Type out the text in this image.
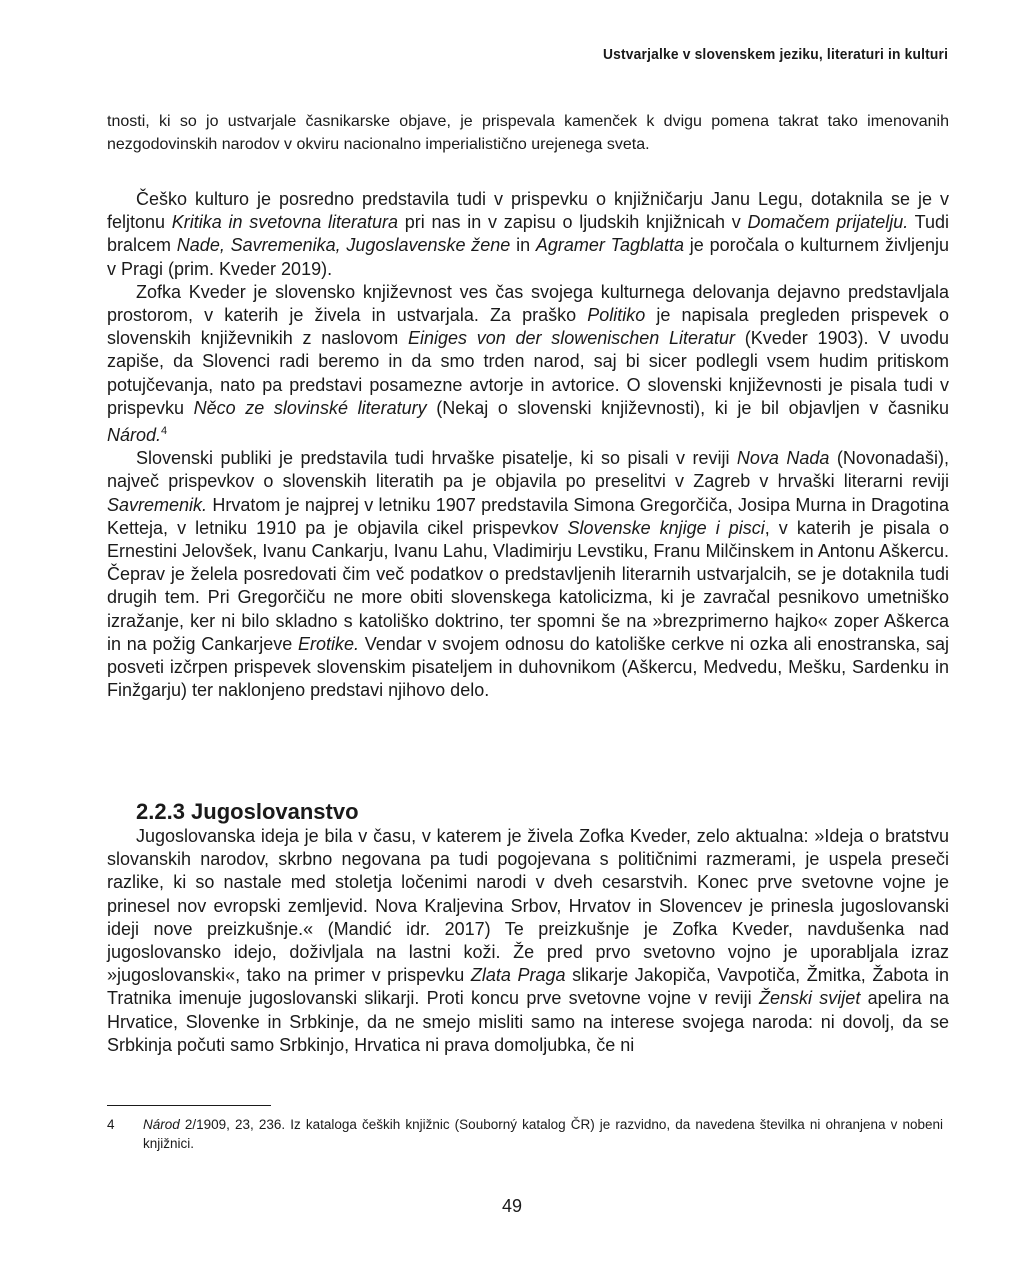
Ustvarjalke v slovenskem jeziku, literaturi in kulturi
tnosti, ki so jo ustvarjale časnikarske objave, je prispevala kamenček k dvigu pomena takrat tako imenovanih nezgodovinskih narodov v okviru nacionalno imperialistično urejenega sveta.

Češko kulturo je posredno predstavila tudi v prispevku o knjižničarju Janu Legu, dotaknila se je v feljtonu Kritika in svetovna literatura pri nas in v zapisu o ljudskih knjižnicah v Domačem prijatelju. Tudi bralcem Nade, Savremenika, Jugoslavenske žene in Agramer Tagblatta je poročala o kulturnem življenju v Pragi (prim. Kveder 2019).

Zofka Kveder je slovensko književnost ves čas svojega kulturnega delovanja dejavno predstavljala prostorom, v katerih je živela in ustvarjala. Za praško Politiko je napisala pregleden prispevek o slovenskih književnikih z naslovom Einiges von der slowenischen Literatur (Kveder 1903). V uvodu zapiše, da Slovenci radi beremo in da smo trden narod, saj bi sicer podlegli vsem hudim pritiskom potujčevanja, nato pa predstavi posamezne avtorje in avtorice. O slovenski književnosti je pisala tudi v prispevku Něco ze slovinské literatury (Nekaj o slovenski književnosti), ki je bil objavljen v časniku Národ.$^4$

Slovenski publiki je predstavila tudi hrvaške pisatelje, ki so pisali v reviji Nova Nada (Novonadaši), največ prispevkov o slovenskih literatih pa je objavila po preselitvi v Zagreb v hrvaški literarni reviji Savremenik. Hrvatom je najprej v letniku 1907 predstavila Simona Gregorčiča, Josipa Murna in Dragotina Ketteja, v letniku 1910 pa je objavila cikel prispevkov Slovenske knjige i pisci, v katerih je pisala o Ernestini Jelovšek, Ivanu Cankarju, Ivanu Lahu, Vladimirju Levstiku, Franu Milčinskem in Antonu Aškercu. Čeprav je želela posredovati čim več podatkov o predstavljenih literarnih ustvarjalcih, se je dotaknila tudi drugih tem. Pri Gregorčiču ne more obiti slovenskega katolicizma, ki je zavračal pesnikovo umetniško izražanje, ker ni bilo skladno s katoliško doktrino, ter spomni še na »brezprimerno hajko« zoper Aškerca in na požig Cankarjeve Erotike. Vendar v svojem odnosu do katoliške cerkve ni ozka ali enostranska, saj posveti izčrpen prispevek slovenskim pisateljem in duhovnikom (Aškercu, Medvedu, Mešku, Sardenku in Finžgarju) ter naklonjeno predstavi njihovo delo.

2.2.3 Jugoslovanstvo

Jugoslovanska ideja je bila v času, v katerem je živela Zofka Kveder, zelo aktualna: »Ideja o bratstvu slovanskih narodov, skrbno negovana pa tudi pogojevana s političnimi razmerami, je uspela preseči razlike, ki so nastale med stoletja ločenimi narodi v dveh cesarstvih. Konec prve svetovne vojne je prinesel nov evropski zemljevid. Nova Kraljevina Srbov, Hrvatov in Slovencev je prinesla jugoslovanski ideji nove preizkušnje.« (Mandić idr. 2017) Te preizkušnje je Zofka Kveder, navdušenka nad jugoslovansko idejo, doživljala na lastni koži. Že pred prvo svetovno vojno je uporabljala izraz »jugoslovanski«, tako na primer v prispevku Zlata Praga slikarje Jakopiča, Vavpotiča, Žmitka, Žabota in Tratnika imenuje jugoslovanski slikarji. Proti koncu prve svetovne vojne v reviji Ženski svijet apelira na Hrvatice, Slovenke in Srbkinje, da ne smejo misliti samo na interese svojega naroda: ni dovolj, da se Srbkinja počuti samo Srbkinjo, Hrvatica ni prava domoljubka, če ni

4 Národ 2/1909, 23, 236. Iz kataloga čeških knjižnic (Souborný katalog ČR) je razvidno, da navedena številka ni ohranjena v nobeni knjižnici.
49
